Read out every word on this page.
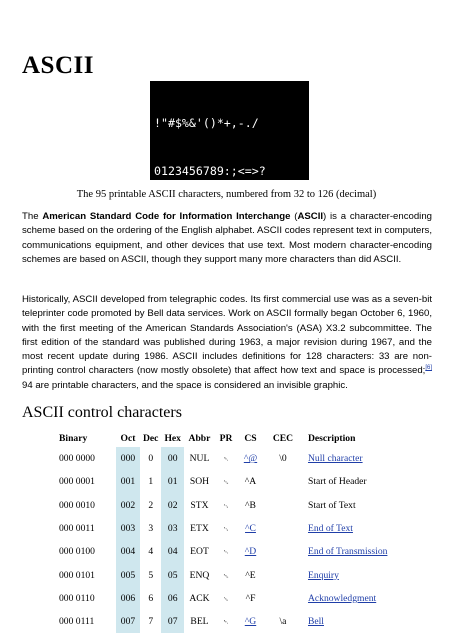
ASCII

!"#$%&'()*+,-./

0123456789:;<=>?

The 95 printable ASCII characters, numbered from 32 to 126 (decimal)

The American Standard Code for Information Interchange (ASCII) is a character-encoding scheme based on the ordering of the English alphabet. ASCII codes represent text in computers, communications equipment, and other devices that use text. Most modern character-encoding schemes are based on ASCII, though they support many more characters than did ASCII.

Historically, ASCII developed from telegraphic codes. Its first commercial use was as a seven-bit teleprinter code promoted by Bell data services. Work on ASCII formally began October 6, 1960, with the first meeting of the American Standards Association's (ASA) X3.2 subcommittee. The first edition of the standard was published during 1963, a major revision during 1967, and the most recent update during 1986. ASCII includes definitions for 128 characters: 33 are non-printing control characters (now mostly obsolete) that affect how text and space is processed;[6] 94 are printable characters, and the space is considered an invisible graphic.

ASCII control characters
Binary	Oct	Dec	Hex	Abbr	PR	CS	CEC	Description
000 0000	000	0	00	NUL	␀	^@	\0	Null character
000 0001	001	1	01	SOH	␁	^A		Start of Header
000 0010	002	2	02	STX	␂	^B		Start of Text
000 0011	003	3	03	ETX	␃	^C		End of Text
000 0100	004	4	04	EOT	␄	^D		End of Transmission
000 0101	005	5	05	ENQ	␅	^E		Enquiry
000 0110	006	6	06	ACK	␆	^F		Acknowledgment
000 0111	007	7	07	BEL	␇	^G	\a	Bell
